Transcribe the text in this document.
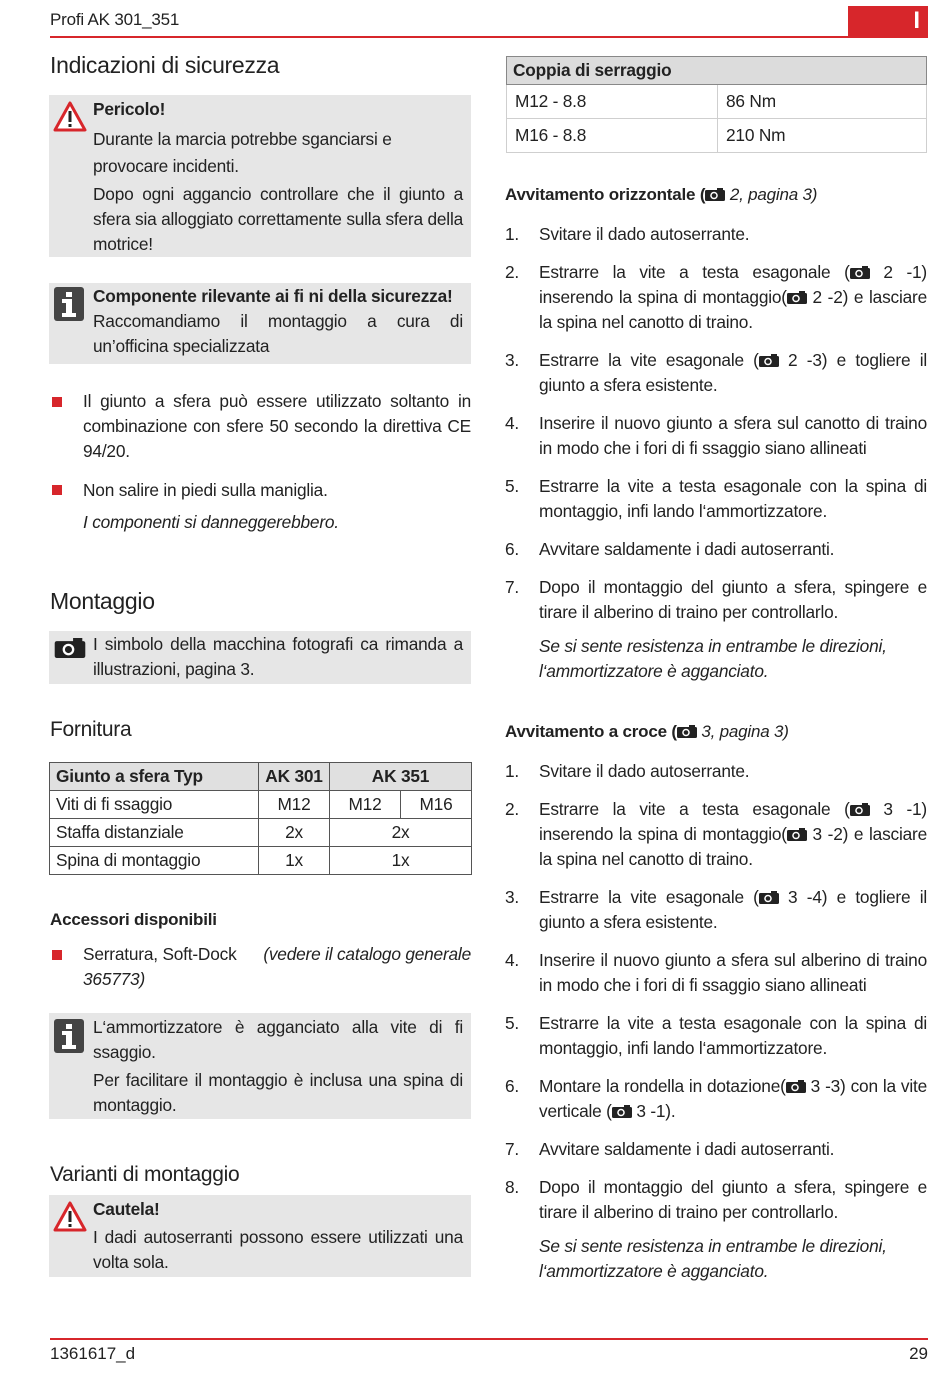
Profi AK 301_351	I
Indicazioni di sicurezza

Pericolo!

Durante la marcia potrebbe sganciarsi e provocare incidenti.

Dopo ogni aggancio controllare che il giunto a sfera sia alloggiato correttamente sulla sfera della motrice!

Componente rilevante ai fi ni della sicurezza!

Raccomandiamo il montaggio a cura di un’officina specializzata

Il giunto a sfera può essere utilizzato soltanto in combinazione con sfere 50 secondo la direttiva CE 94/20.
Non salire in piedi sulla maniglia.
I componenti si danneggerebbero.
Montaggio
I simbolo della macchina fotografi ca rimanda a illustrazioni, pagina 3.
Fornitura
Giunto a sfera Typ	AK 301	AK 351	
Viti di fi ssaggio	M12	M12	M16
Staffa distanziale	2x	2x	
Spina di montaggio	1x	1x	
Accessori disponibili
Serratura, Soft-Dock	(vedere il catalogo generale
365773)

L‘ammortizzatore è agganciato alla vite di fi ssaggio.

Per facilitare il montaggio è inclusa una spina di montaggio.

Varianti di montaggio

Cautela!

I dadi autoserranti possono essere utilizzati una volta sola.

Coppia di serraggio	
M12 - 8.8	86 Nm
M16 - 8.8	210 Nm
Avvitamento orizzontale ( 2, pagina 3)
1. Svitare il dado autoserrante.
2. Estrarre la vite a testa esagonale ( 2 -1) inserendo la spina di montaggio( 2 -2) e lasciare la spina nel canotto di traino.
3. Estrarre la vite esagonale ( 2 -3) e togliere il giunto a sfera esistente.
4. Inserire il nuovo giunto a sfera sul canotto di traino in modo che i fori di fi ssaggio siano allineati
5. Estrarre la vite a testa esagonale con la spina di montaggio, infi lando l‘ammortizzatore.
6. Avvitare saldamente i dadi autoserranti.
7. Dopo il montaggio del giunto a sfera, spingere e tirare il alberino di traino per controllarlo.
Se si sente resistenza in entrambe le direzioni, l‘ammortizzatore è agganciato.
Avvitamento a croce ( 3, pagina 3)
1. Svitare il dado autoserrante.
2. Estrarre la vite a testa esagonale ( 3 -1) inserendo la spina di montaggio( 3 -2) e lasciare la spina nel canotto di traino.
3. Estrarre la vite esagonale ( 3 -4) e togliere il giunto a sfera esistente.
4. Inserire il nuovo giunto a sfera sul alberino di traino in modo che i fori di fi ssaggio siano allineati
5. Estrarre la vite a testa esagonale con la spina di montaggio, infi lando l‘ammortizzatore.
6. Montare la rondella in dotazione( 3 -3) con la vite verticale ( 3 -1).
7. Avvitare saldamente i dadi autoserranti.
8. Dopo il montaggio del giunto a sfera, spingere e tirare il alberino di traino per controllarlo.
Se si sente resistenza in entrambe le direzioni, l‘ammortizzatore è agganciato.
1361617_d	29
